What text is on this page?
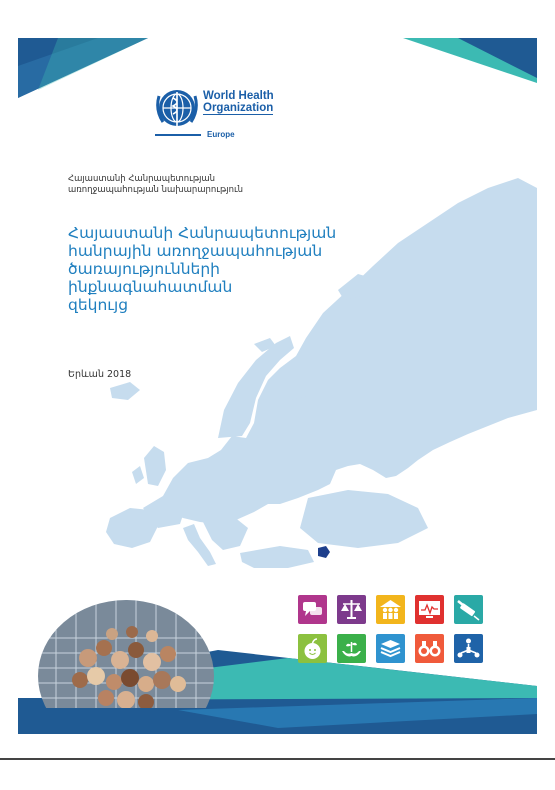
World Health
Organization
Europe
Հայաստանի Հանրապետության
առողջապահության նախարարություն
Հայաստանի Հանրապետության
հանրային առողջապահության
ծառայությունների ինքնագնահատման
զեկույց
Երևան 2018
